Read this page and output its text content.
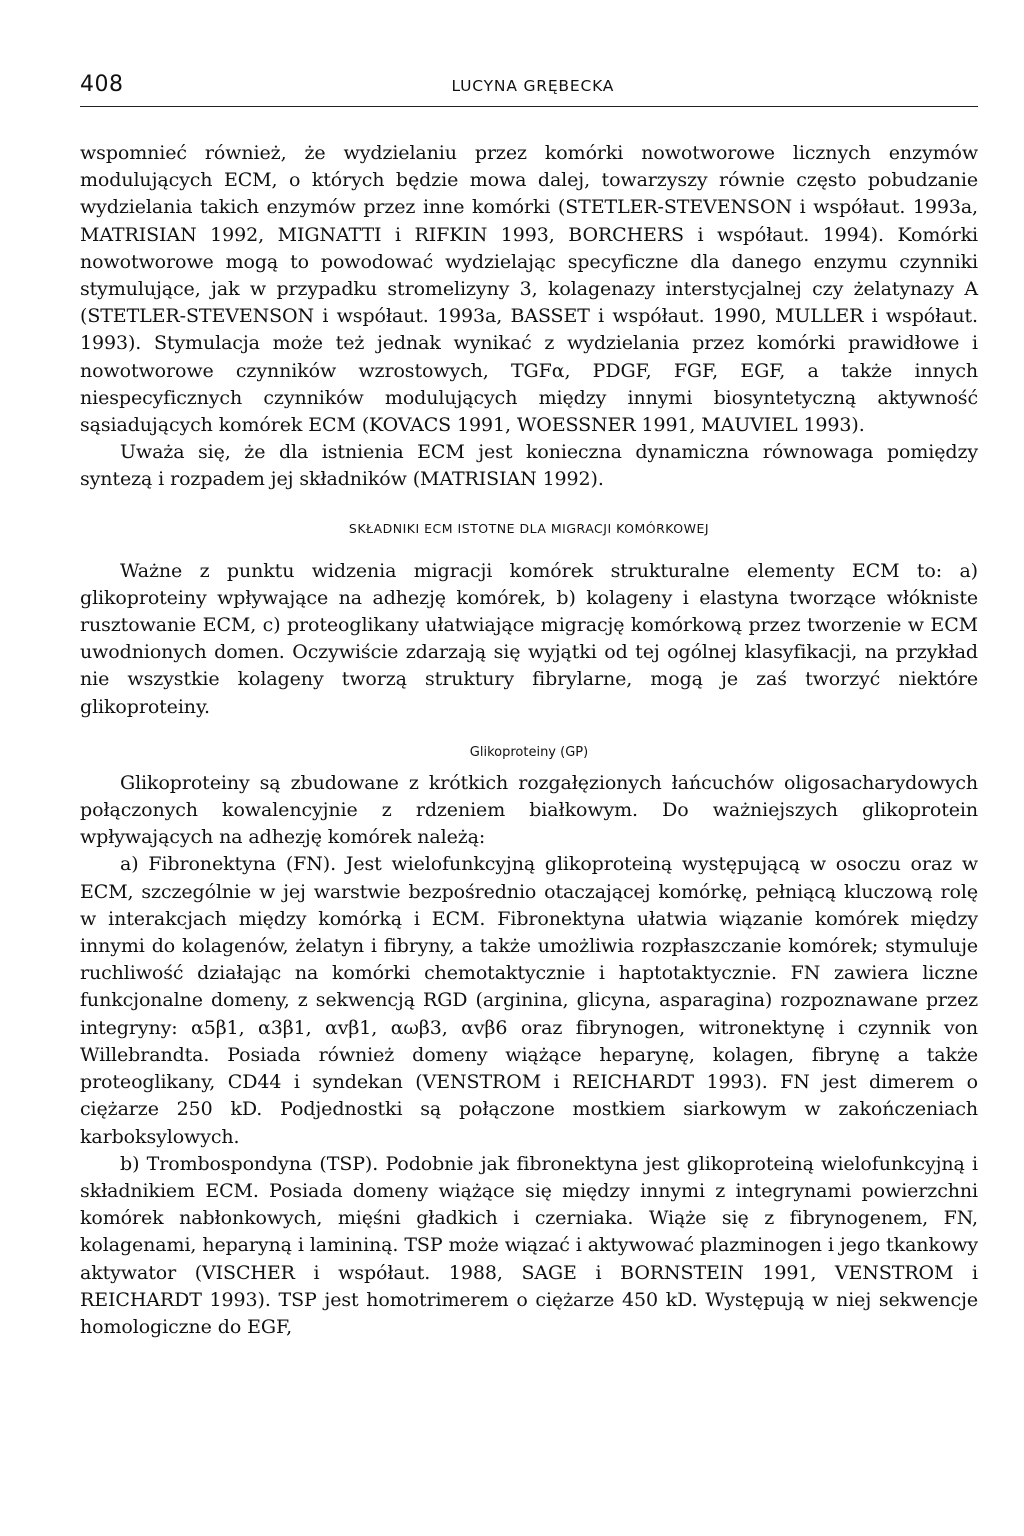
408	LUCYNA GRĘBECKA

wspomnieć również, że wydzielaniu przez komórki nowotworowe licznych enzymów modulujących ECM, o których będzie mowa dalej, towarzyszy równie często pobudzanie wydzielania takich enzymów przez inne komórki (STETLER-STEVENSON i współaut. 1993a, MATRISIAN 1992, MIGNATTI i RIFKIN 1993, BORCHERS i współaut. 1994). Komórki nowotworowe mogą to powodować wydzielając specyficzne dla danego enzymu czynniki stymulujące, jak w przypadku stromelizyny 3, kolagenazy interstycjalnej czy żelatynazy A (STETLER-STEVENSON i współaut. 1993a, BASSET i współaut. 1990, MULLER i współaut. 1993). Stymulacja może też jednak wynikać z wydzielania przez komórki prawidłowe i nowotworowe czynników wzrostowych, TGFα, PDGF, FGF, EGF, a także innych niespecyficznych czynników modulujących między innymi biosyntetyczną aktywność sąsiadujących komórek ECM (KOVACS 1991, WOESSNER 1991, MAUVIEL 1993).

Uważa się, że dla istnienia ECM jest konieczna dynamiczna równowaga pomiędzy syntezą i rozpadem jej składników (MATRISIAN 1992).

SKŁADNIKI ECM ISTOTNE DLA MIGRACJI KOMÓRKOWEJ

Ważne z punktu widzenia migracji komórek strukturalne elementy ECM to: a) glikoproteiny wpływające na adhezję komórek, b) kolageny i elastyna tworzące włókniste rusztowanie ECM, c) proteoglikany ułatwiające migrację komórkową przez tworzenie w ECM uwodnionych domen. Oczywiście zdarzają się wyjątki od tej ogólnej klasyfikacji, na przykład nie wszystkie kolageny tworzą struktury fibrylarne, mogą je zaś tworzyć niektóre glikoproteiny.

Glikoproteiny (GP)

Glikoproteiny są zbudowane z krótkich rozgałęzionych łańcuchów oligosacharydowych połączonych kowalencyjnie z rdzeniem białkowym. Do ważniejszych glikoprotein wpływających na adhezję komórek należą:

a) Fibronektyna (FN). Jest wielofunkcyjną glikoproteiną występującą w osoczu oraz w ECM, szczególnie w jej warstwie bezpośrednio otaczającej komórkę, pełniącą kluczową rolę w interakcjach między komórką i ECM. Fibronektyna ułatwia wiązanie komórek między innymi do kolagenów, żelatyn i fibryny, a także umożliwia rozpłaszczanie komórek; stymuluje ruchliwość działając na komórki chemotaktycznie i haptotaktycznie. FN zawiera liczne funkcjonalne domeny, z sekwencją RGD (arginina, glicyna, asparagina) rozpoznawane przez integryny: α5β1, α3β1, αvβ1, αωβ3, αvβ6 oraz fibrynogen, witronektynę i czynnik von Willebrandta. Posiada również domeny wiążące heparynę, kolagen, fibrynę a także proteoglikany, CD44 i syndekan (VENSTROM i REICHARDT 1993). FN jest dimerem o ciężarze 250 kD. Podjednostki są połączone mostkiem siarkowym w zakończeniach karboksylowych.

b) Trombospondyna (TSP). Podobnie jak fibronektyna jest glikoproteiną wielofunkcyjną i składnikiem ECM. Posiada domeny wiążące się między innymi z integrynami powierzchni komórek nabłonkowych, mięśni gładkich i czerniaka. Wiąże się z fibrynogenem, FN, kolagenami, heparyną i lamininą. TSP może wiązać i aktywować plazminogen i jego tkankowy aktywator (VISCHER i współaut. 1988, SAGE i BORNSTEIN 1991, VENSTROM i REICHARDT 1993). TSP jest homotrimerem o ciężarze 450 kD. Występują w niej sekwencje homologiczne do EGF,
